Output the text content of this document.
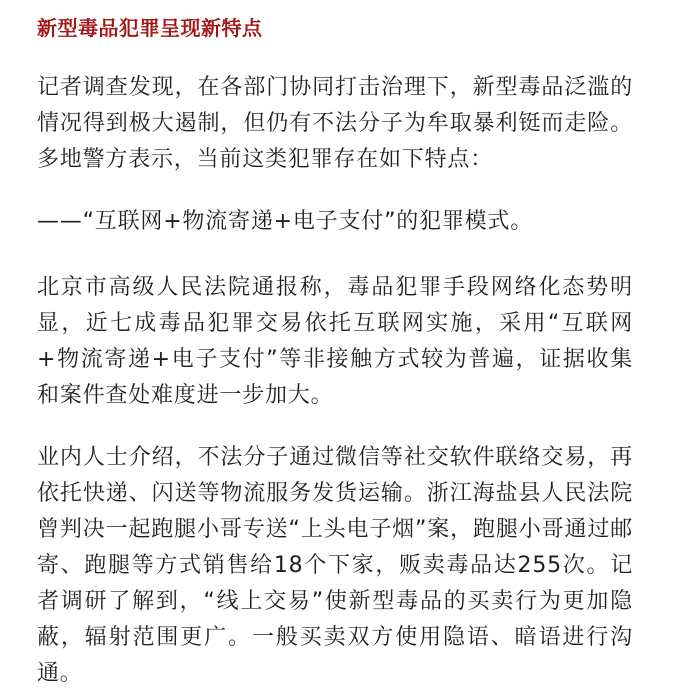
新型毒品犯罪呈现新特点

记者调查发现，在各部门协同打击治理下，新型毒品泛滥的情况得到极大遏制，但仍有不法分子为牟取暴利铤而走险。多地警方表示，当前这类犯罪存在如下特点：

——“互联网+物流寄递+电子支付”的犯罪模式。

北京市高级人民法院通报称，毒品犯罪手段网络化态势明显，近七成毒品犯罪交易依托互联网实施，采用“互联网+物流寄递+电子支付”等非接触方式较为普遍，证据收集和案件查处难度进一步加大。

业内人士介绍，不法分子通过微信等社交软件联络交易，再依托快递、闪送等物流服务发货运输。浙江海盐县人民法院曾判决一起跑腿小哥专送“上头电子烟”案，跑腿小哥通过邮寄、跑腿等方式销售给18个下家，贩卖毒品达255次。记者调研了解到，“线上交易”使新型毒品的买卖行为更加隐蔽，辐射范围更广。一般买卖双方使用隐语、暗语进行沟通。
